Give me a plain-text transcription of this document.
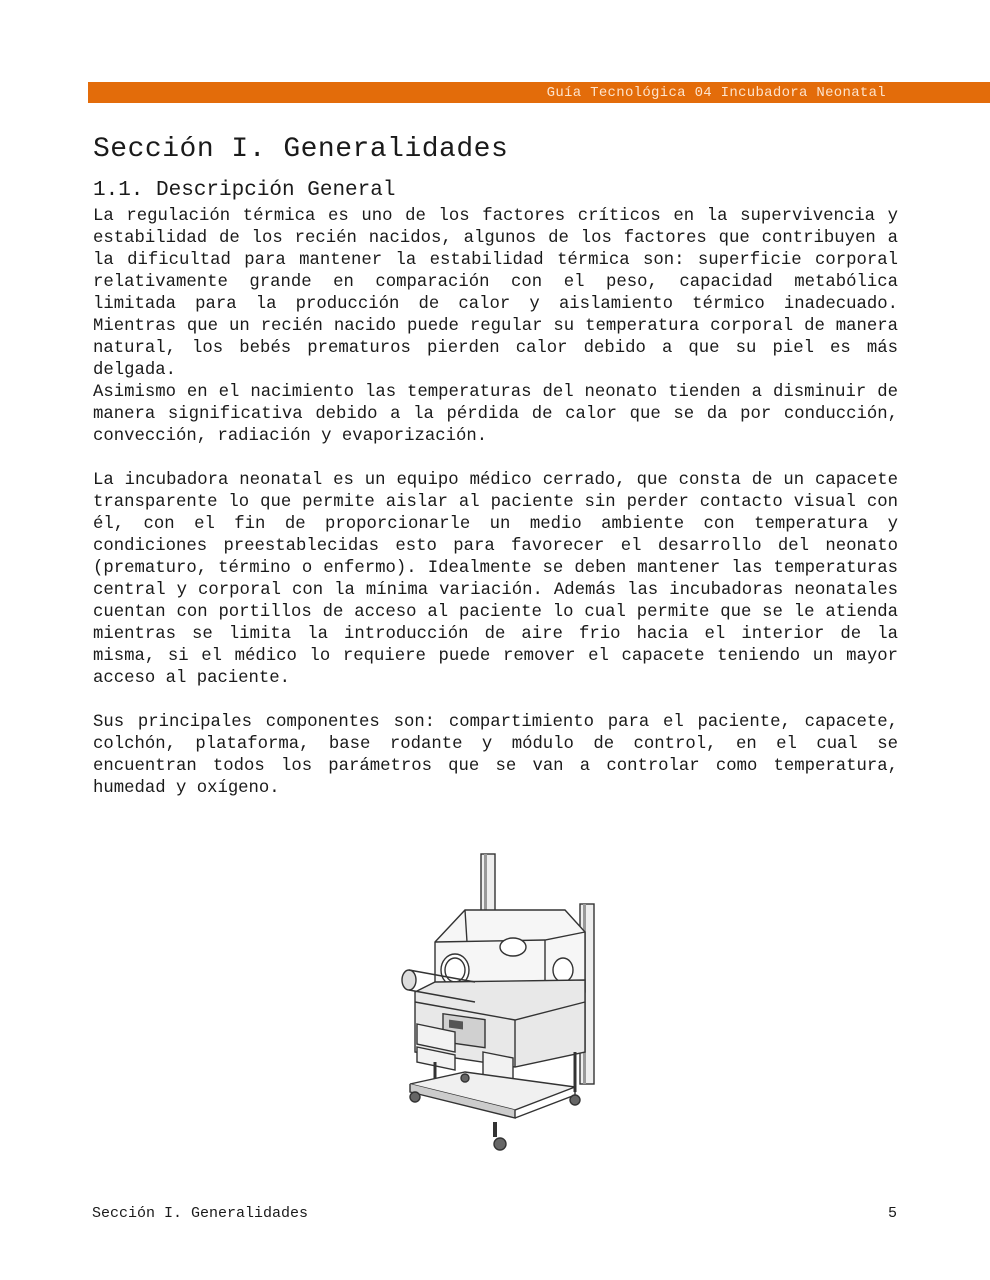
Guía Tecnológica 04 Incubadora Neonatal
Sección I. Generalidades
1.1. Descripción General

La regulación térmica es uno de los factores críticos en la supervivencia y estabilidad de los recién nacidos, algunos de los factores que contribuyen a la dificultad para mantener la estabilidad térmica son: superficie corporal relativamente grande en comparación con el peso, capacidad metabólica limitada para la producción de calor y aislamiento térmico inadecuado. Mientras que un recién nacido puede regular su temperatura corporal de manera natural, los bebés prematuros pierden calor debido a que su piel es más delgada.

Asimismo en el nacimiento las temperaturas del neonato tienden a disminuir de manera significativa debido a la pérdida de calor que se da por conducción, convección, radiación y evaporización.

La incubadora neonatal es un equipo médico cerrado, que consta de un capacete transparente lo que permite aislar al paciente sin perder contacto visual con él, con el fin de proporcionarle un medio ambiente con temperatura y condiciones preestablecidas esto para favorecer el desarrollo del neonato (prematuro, término o enfermo). Idealmente se deben mantener las temperaturas central y corporal con la mínima variación. Además las incubadoras neonatales cuentan con portillos de acceso al paciente lo cual permite que se le atienda mientras se limita la introducción de aire frio hacia el interior de la misma, si el médico lo requiere puede remover el capacete teniendo un mayor acceso al paciente.

Sus principales componentes son: compartimiento para el paciente, capacete, colchón, plataforma, base rodante y módulo de control, en el cual se encuentran todos los parámetros que se van a controlar como temperatura, humedad y oxígeno.

Sección I. Generalidades	5
